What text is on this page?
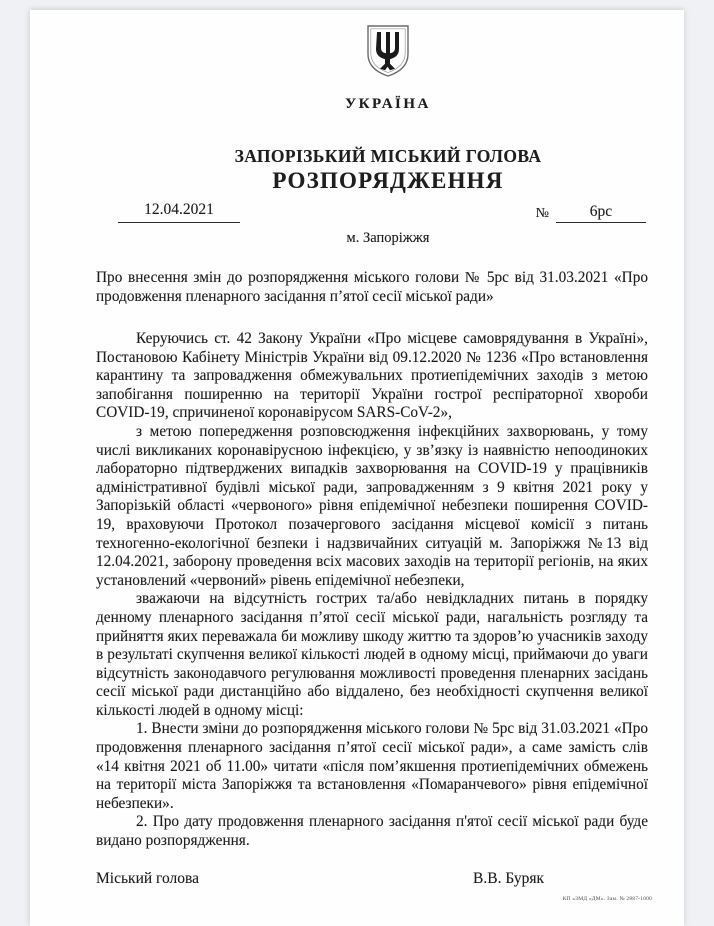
УКРАЇНА
ЗАПОРІЗЬКИЙ МІСЬКИЙ ГОЛОВА
РОЗПОРЯДЖЕННЯ
12.04.2021	№	6рс
м. Запоріжжя

Про внесення змін до розпорядження міського голови № 5рс від 31.03.2021 «Про продовження пленарного засідання п’ятої сесії міської ради»

Керуючись ст. 42 Закону України «Про місцеве самоврядування в Україні», Постановою Кабінету Міністрів України від 09.12.2020 № 1236 «Про встановлення карантину та запровадження обмежувальних протиепідемічних заходів з метою запобігання поширенню на території України гострої респіраторної хвороби COVID-19, спричиненої коронавірусом SARS-CoV-2»,

з метою попередження розповсюдження інфекційних захворювань, у тому числі викликаних коронавірусною інфекцією, у зв’язку із наявністю непоодиноких лабораторно підтверджених випадків захворювання на COVID-19 у працівників адміністративної будівлі міської ради, запровадженням з 9 квітня 2021 року у Запорізькій області «червоного» рівня епідемічної небезпеки поширення COVID-19, враховуючи Протокол позачергового засідання місцевої комісії з питань техногенно-екологічної безпеки і надзвичайних ситуацій м. Запоріжжя №13 від 12.04.2021, заборону проведення всіх масових заходів на території регіонів, на яких установлений «червоний» рівень епідемічної небезпеки,

зважаючи на відсутність гострих та/або невідкладних питань в порядку денному пленарного засідання п’ятої сесії міської ради, нагальність розгляду та прийняття яких переважала би можливу шкоду життю та здоров’ю учасників заходу в результаті скупчення великої кількості людей в одному місці, приймаючи до уваги відсутність законодавчого регулювання можливості проведення пленарних засідань сесії міської ради дистанційно або віддалено, без необхідності скупчення великої кількості людей в одному місці:

1. Внести зміни до розпорядження міського голови № 5рс від 31.03.2021 «Про продовження пленарного засідання п’ятої сесії міської ради», а саме замість слів «14 квітня 2021 об 11.00» читати «після пом’якшення протиепідемічних обмежень на території міста Запоріжжя та встановлення «Помаранчевого» рівня епідемічної небезпеки».

2. Про дату продовження пленарного засідання п'ятої сесії міської ради буде видано розпорядження.

Міський голова	В.В. Буряк
КП «ЗМД «ДМ». Зам. № 2887-1000
